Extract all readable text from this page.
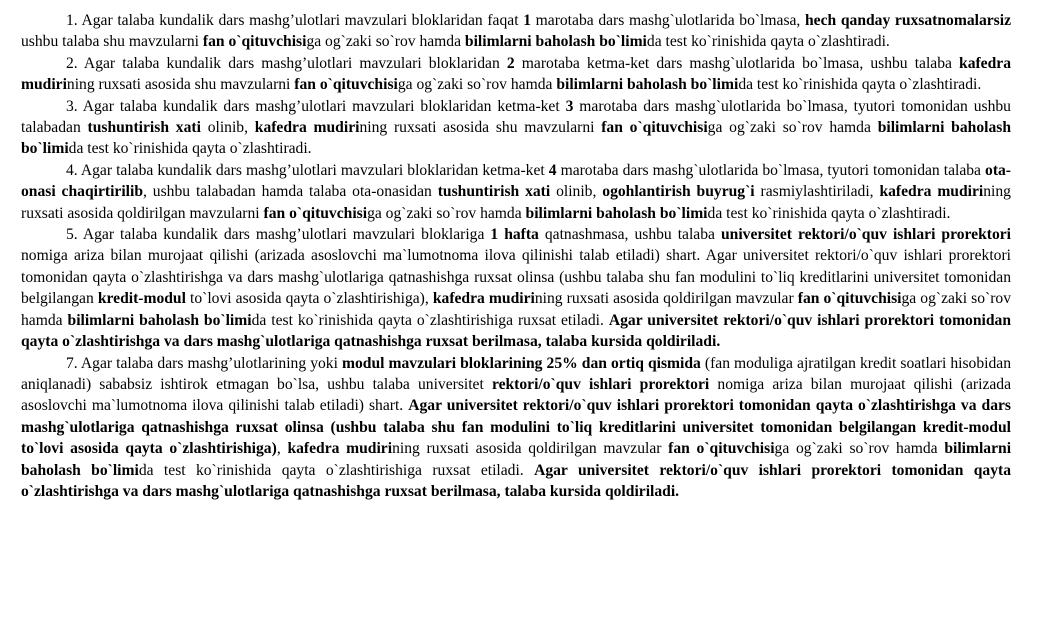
1. Agar talaba kundalik dars mashg’ulotlari mavzulari bloklaridan faqat 1 marotaba dars mashg`ulotlarida bo`lmasa, hech qanday ruxsatnomalarsiz ushbu talaba shu mavzularni fan o`qituvchisiga og`zaki so`rov hamda bilimlarni baholash bo`limida test ko`rinishida qayta o`zlashtiradi.

2. Agar talaba kundalik dars mashg’ulotlari mavzulari bloklaridan 2 marotaba ketma-ket dars mashg`ulotlarida bo`lmasa, ushbu talaba kafedra mudirining ruxsati asosida shu mavzularni fan o`qituvchisiga og`zaki so`rov hamda bilimlarni baholash bo`limida test ko`rinishida qayta o`zlashtiradi.

3. Agar talaba kundalik dars mashg’ulotlari mavzulari bloklaridan ketma-ket 3 marotaba dars mashg`ulotlarida bo`lmasa, tyutori tomonidan ushbu talabadan tushuntirish xati olinib, kafedra mudirining ruxsati asosida shu mavzularni fan o`qituvchisiga og`zaki so`rov hamda bilimlarni baholash bo`limida test ko`rinishida qayta o`zlashtiradi.

4. Agar talaba kundalik dars mashg’ulotlari mavzulari bloklaridan ketma-ket 4 marotaba dars mashg`ulotlarida bo`lmasa, tyutori tomonidan talaba ota-onasi chaqirtirilib, ushbu talabadan hamda talaba ota-onasidan tushuntirish xati olinib, ogohlantirish buyrug`i rasmiylashtiriladi, kafedra mudirining ruxsati asosida qoldirilgan mavzularni fan o`qituvchisiga og`zaki so`rov hamda bilimlarni baholash bo`limida test ko`rinishida qayta o`zlashtiradi.

5. Agar talaba kundalik dars mashg’ulotlari mavzulari bloklariga 1 hafta qatnashmasa, ushbu talaba universitet rektori/o`quv ishlari prorektori nomiga ariza bilan murojaat qilishi (arizada asoslovchi ma`lumotnoma ilova qilinishi talab etiladi) shart. Agar universitet rektori/o`quv ishlari prorektori tomonidan qayta o`zlashtirishga va dars mashg`ulotlariga qatnashishga ruxsat olinsa (ushbu talaba shu fan modulini to`liq kreditlarini universitet tomonidan belgilangan kredit-modul to`lovi asosida qayta o`zlashtirishiga), kafedra mudirining ruxsati asosida qoldirilgan mavzular fan o`qituvchisiga og`zaki so`rov hamda bilimlarni baholash bo`limida test ko`rinishida qayta o`zlashtirishiga ruxsat etiladi. Agar universitet rektori/o`quv ishlari prorektori tomonidan qayta o`zlashtirishga va dars mashg`ulotlariga qatnashishga ruxsat berilmasa, talaba kursida qoldiriladi.

7. Agar talaba dars mashg’ulotlarining yoki modul mavzulari bloklarining 25% dan ortiq qismida (fan moduliga ajratilgan kredit soatlari hisobidan aniqlanadi) sababsiz ishtirok etmagan bo`lsa, ushbu talaba universitet rektori/o`quv ishlari prorektori nomiga ariza bilan murojaat qilishi (arizada asoslovchi ma`lumotnoma ilova qilinishi talab etiladi) shart. Agar universitet rektori/o`quv ishlari prorektori tomonidan qayta o`zlashtirishga va dars mashg`ulotlariga qatnashishga ruxsat olinsa (ushbu talaba shu fan modulini to`liq kreditlarini universitet tomonidan belgilangan kredit-modul to`lovi asosida qayta o`zlashtirishiga), kafedra mudirining ruxsati asosida qoldirilgan mavzular fan o`qituvchisiga og`zaki so`rov hamda bilimlarni baholash bo`limida test ko`rinishida qayta o`zlashtirishiga ruxsat etiladi. Agar universitet rektori/o`quv ishlari prorektori tomonidan qayta o`zlashtirishga va dars mashg`ulotlariga qatnashishga ruxsat berilmasa, talaba kursida qoldiriladi.
